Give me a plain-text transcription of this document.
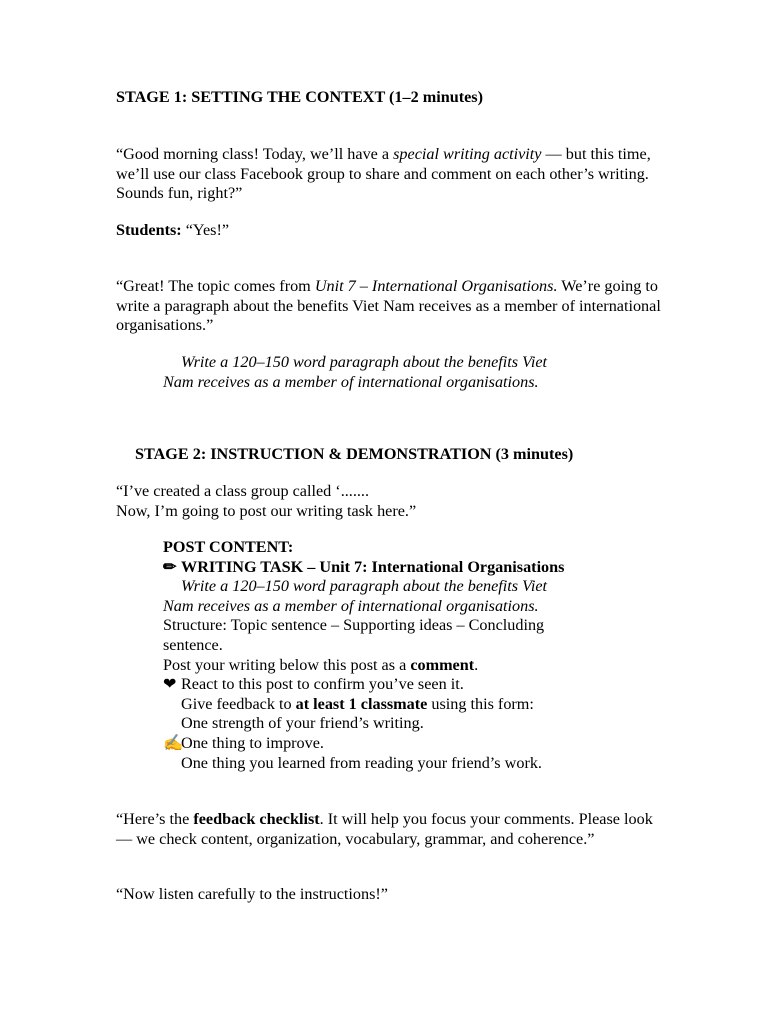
STAGE 1: SETTING THE CONTEXT (1–2 minutes)

“Good morning class! Today, we’ll have a special writing activity — but this time, we’ll use our class Facebook group to share and comment on each other’s writing. Sounds fun, right?”

Students: “Yes!”

“Great! The topic comes from Unit 7 – International Organisations. We’re going to write a paragraph about the benefits Viet Nam receives as a member of international organisations.”

Write a 120–150 word paragraph about the benefits Viet
Nam receives as a member of international organisations.

STAGE 2: INSTRUCTION & DEMONSTRATION (3 minutes)

“I’ve created a class group called ‘.......
Now, I’m going to post our writing task here.”
POST CONTENT:
✏ WRITING TASK – Unit 7: International Organisations
Write a 120–150 word paragraph about the benefits Viet
Nam receives as a member of international organisations.
Structure: Topic sentence – Supporting ideas – Concluding sentence.
Post your writing below this post as a comment.
❤ React to this post to confirm you’ve seen it.
Give feedback to at least 1 classmate using this form:
One strength of your friend’s writing.
✍One thing to improve.
One thing you learned from reading your friend’s work.

“Here’s the feedback checklist. It will help you focus your comments. Please look — we check content, organization, vocabulary, grammar, and coherence.”

“Now listen carefully to the instructions!”
